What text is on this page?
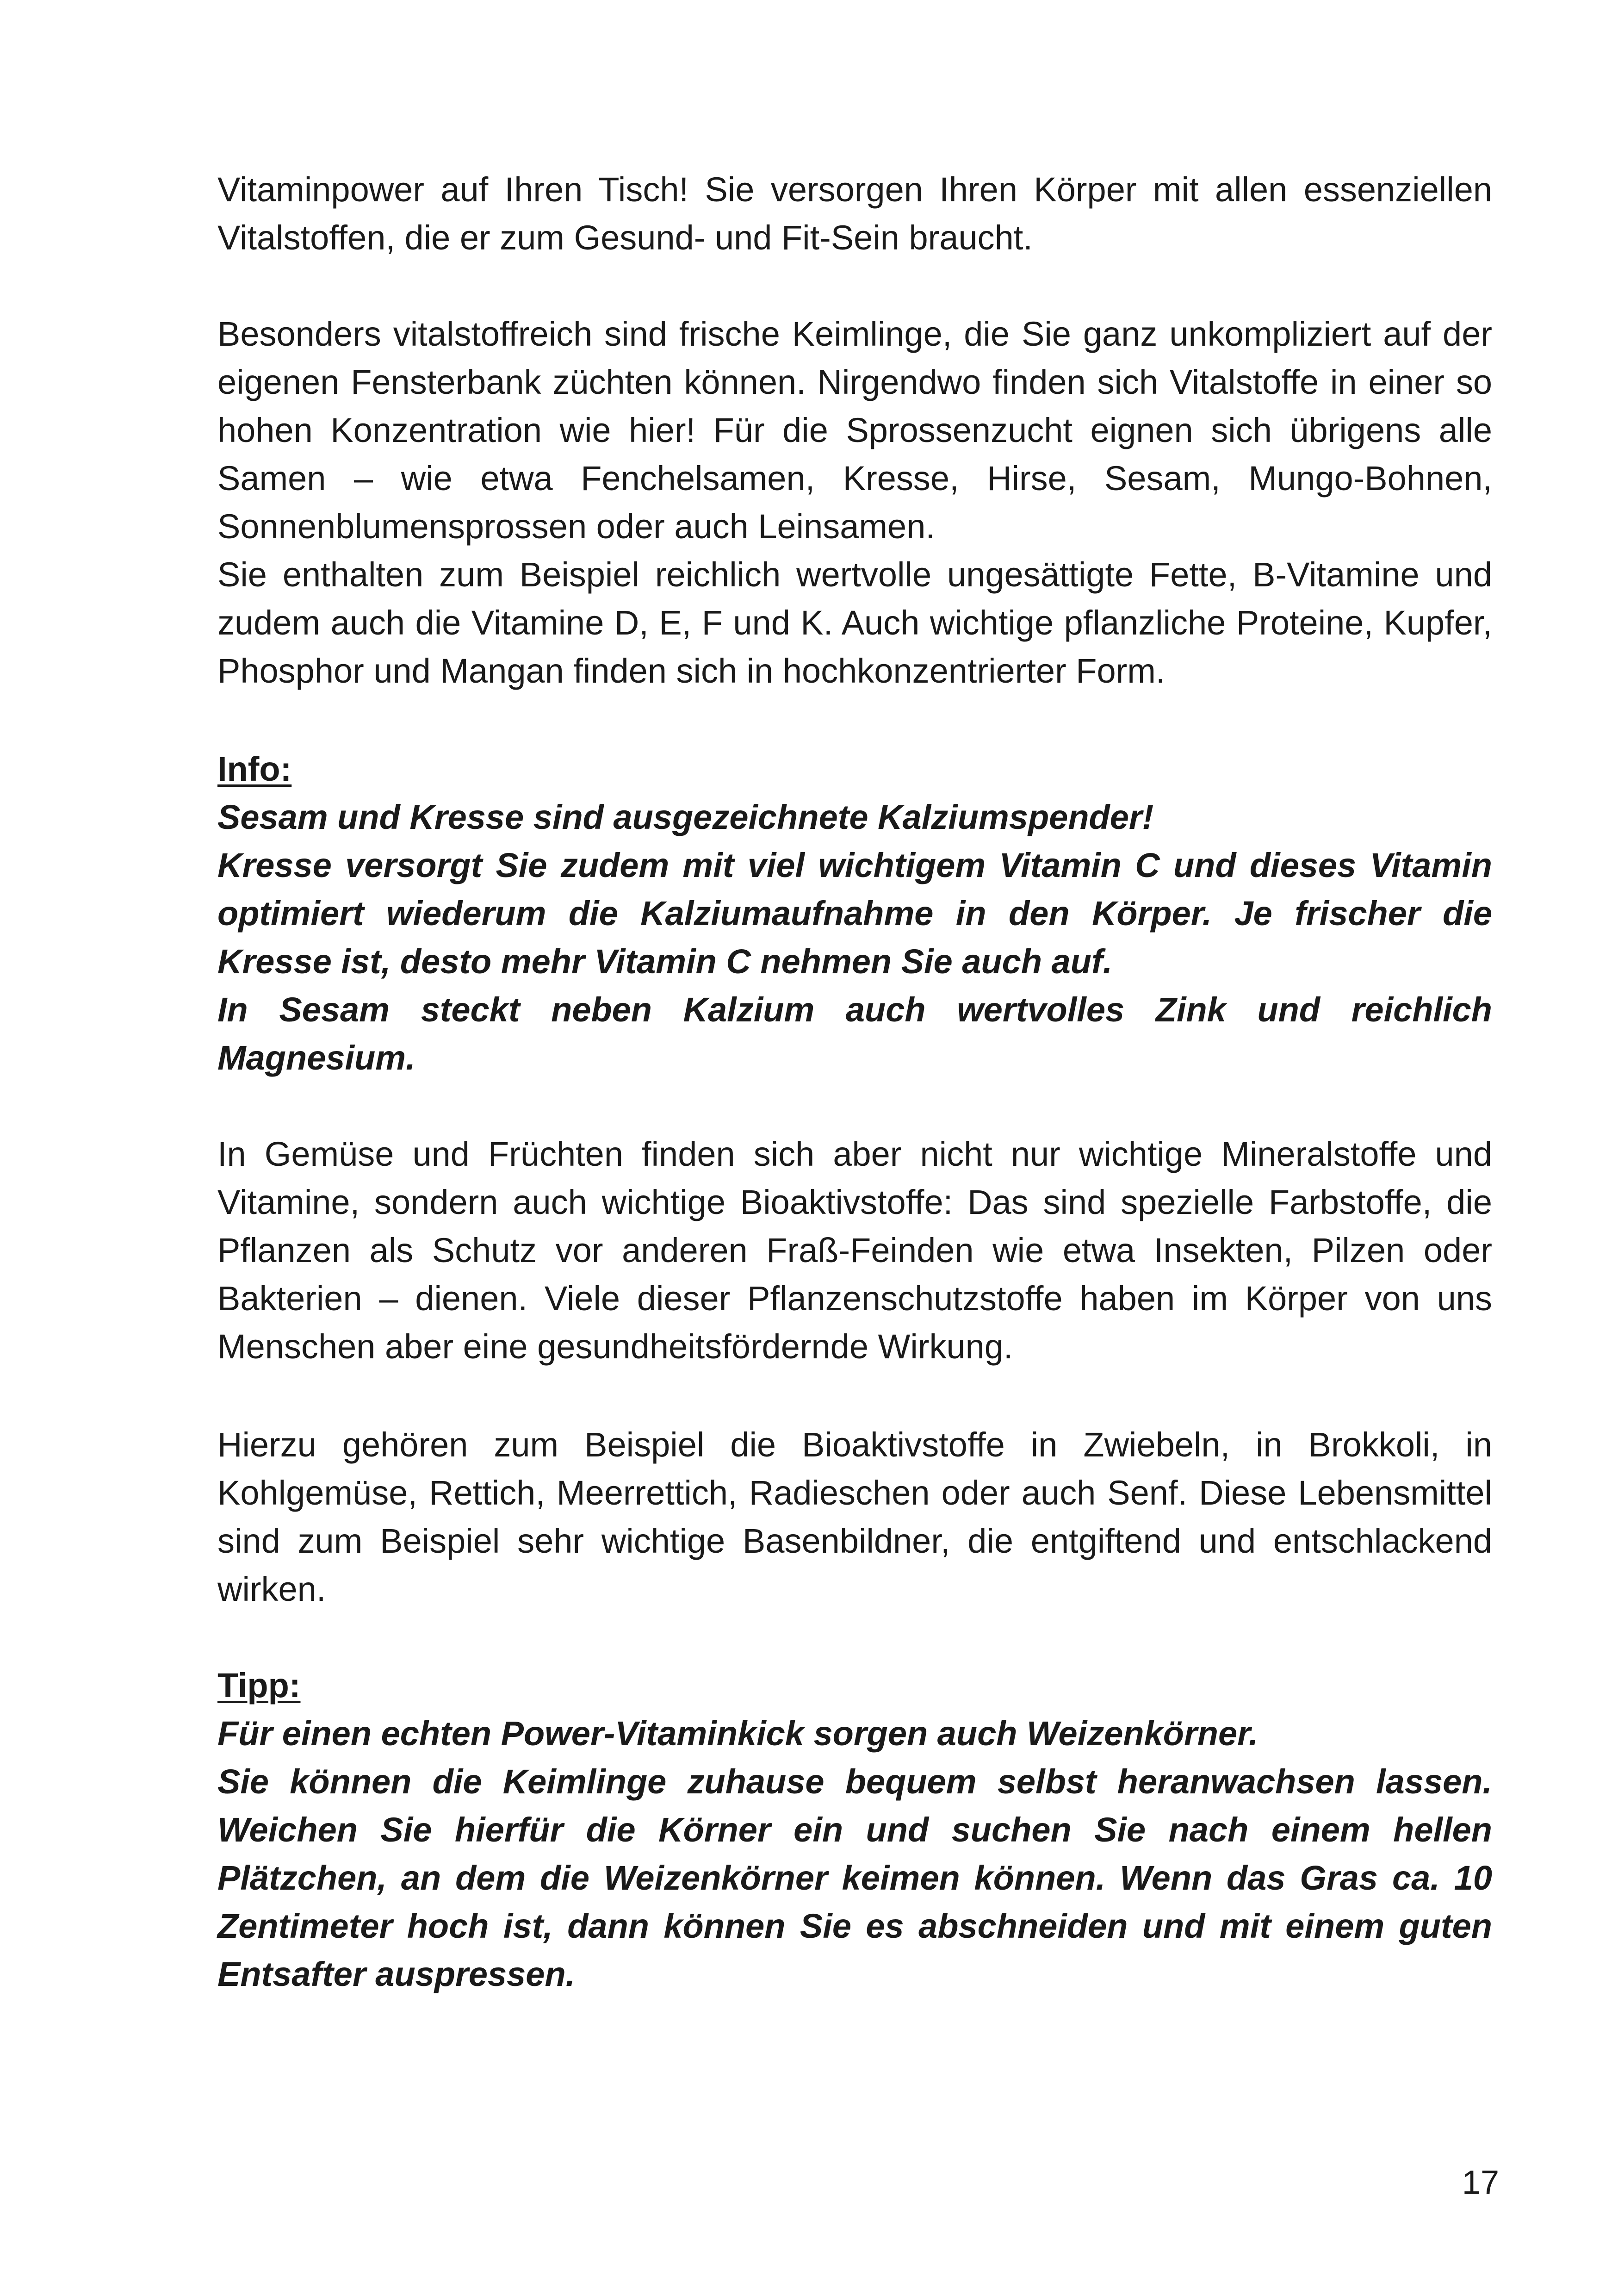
Vitaminpower auf Ihren Tisch! Sie versorgen Ihren Körper mit allen essenziellen Vitalstoffen, die er zum Gesund- und Fit-Sein braucht.

Besonders vitalstoffreich sind frische Keimlinge, die Sie ganz unkompliziert auf der eigenen Fensterbank züchten können. Nirgendwo finden sich Vitalstoffe in einer so hohen Konzentration wie hier! Für die Sprossenzucht eignen sich übrigens alle Samen – wie etwa Fenchelsamen, Kresse, Hirse, Sesam, Mungo-Bohnen, Sonnenblumensprossen oder auch Leinsamen.

Sie enthalten zum Beispiel reichlich wertvolle ungesättigte Fette, B-Vitamine und zudem auch die Vitamine D, E, F und K. Auch wichtige pflanzliche Proteine, Kupfer, Phosphor und Mangan finden sich in hochkonzentrierter Form.

Info:

Sesam und Kresse sind ausgezeichnete Kalziumspender!

Kresse versorgt Sie zudem mit viel wichtigem Vitamin C und dieses Vitamin optimiert wiederum die Kalziumaufnahme in den Körper. Je frischer die Kresse ist, desto mehr Vitamin C nehmen Sie auch auf.

In Sesam steckt neben Kalzium auch wertvolles Zink und reichlich Magnesium.

In Gemüse und Früchten finden sich aber nicht nur wichtige Mineralstoffe und Vitamine, sondern auch wichtige Bioaktivstoffe: Das sind spezielle Farbstoffe, die Pflanzen als Schutz vor anderen Fraß-Feinden wie etwa Insekten, Pilzen oder Bakterien – dienen. Viele dieser Pflanzenschutzstoffe haben im Körper von uns Menschen aber eine gesundheitsfördernde Wirkung.

Hierzu gehören zum Beispiel die Bioaktivstoffe in Zwiebeln, in Brokkoli, in Kohlgemüse, Rettich, Meerrettich, Radieschen oder auch Senf. Diese Lebensmittel sind zum Beispiel sehr wichtige Basenbildner, die entgiftend und entschlackend wirken.

Tipp:

Für einen echten Power-Vitaminkick sorgen auch Weizenkörner.

Sie können die Keimlinge zuhause bequem selbst heranwachsen lassen. Weichen Sie hierfür die Körner ein und suchen Sie nach einem hellen Plätzchen, an dem die Weizenkörner keimen können. Wenn das Gras ca. 10 Zentimeter hoch ist, dann können Sie es abschneiden und mit einem guten Entsafter auspressen.

17
